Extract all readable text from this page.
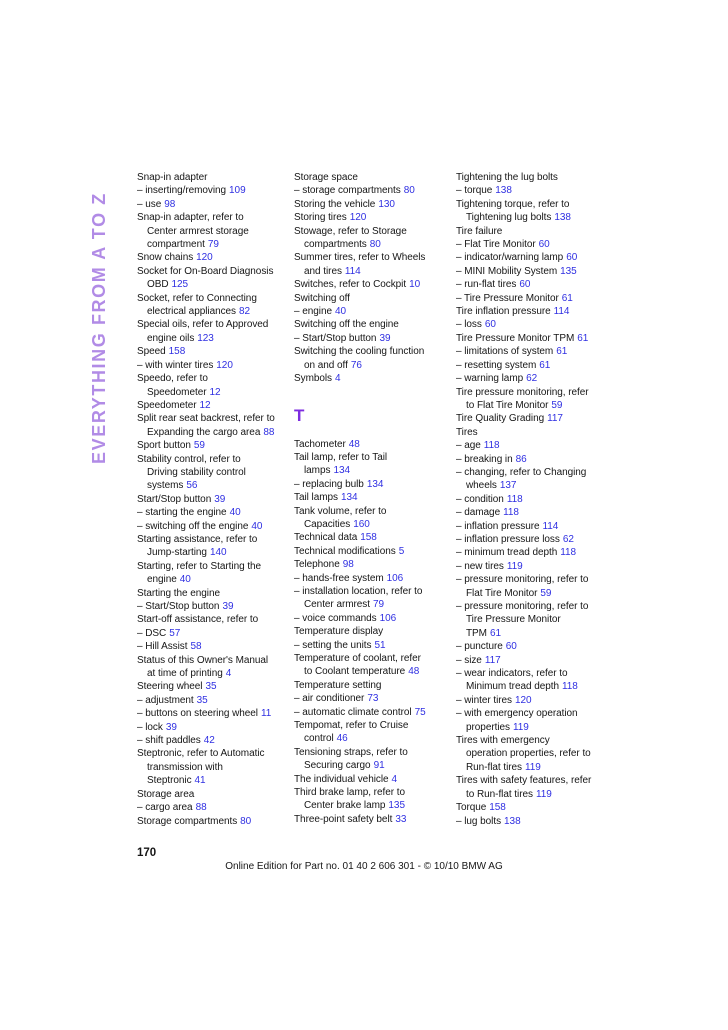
EVERYTHING FROM A TO Z
Snap-in adapter
– inserting/removing 109
– use 98
Snap-in adapter, refer to
Center armrest storage
compartment 79
Snow chains 120
Socket for On-Board Diagnosis
OBD 125
Socket, refer to Connecting
electrical appliances 82
Special oils, refer to Approved
engine oils 123
Speed 158
– with winter tires 120
Speedo, refer to
Speedometer 12
Speedometer 12
Split rear seat backrest, refer to
Expanding the cargo area 88
Sport button 59
Stability control, refer to
Driving stability control
systems 56
Start/Stop button 39
– starting the engine 40
– switching off the engine 40
Starting assistance, refer to
Jump-starting 140
Starting, refer to Starting the
engine 40
Starting the engine
– Start/Stop button 39
Start-off assistance, refer to
– DSC 57
– Hill Assist 58
Status of this Owner's Manual
at time of printing 4
Steering wheel 35
– adjustment 35
– buttons on steering wheel 11
– lock 39
– shift paddles 42
Steptronic, refer to Automatic
transmission with
Steptronic 41
Storage area
– cargo area 88
Storage compartments 80
Storage space
– storage compartments 80
Storing the vehicle 130
Storing tires 120
Stowage, refer to Storage
compartments 80
Summer tires, refer to Wheels
and tires 114
Switches, refer to Cockpit 10
Switching off
– engine 40
Switching off the engine
– Start/Stop button 39
Switching the cooling function
on and off 76
Symbols 4
T
Tachometer 48
Tail lamp, refer to Tail
lamps 134
– replacing bulb 134
Tail lamps 134
Tank volume, refer to
Capacities 160
Technical data 158
Technical modifications 5
Telephone 98
– hands-free system 106
– installation location, refer to
Center armrest 79
– voice commands 106
Temperature display
– setting the units 51
Temperature of coolant, refer
to Coolant temperature 48
Temperature setting
– air conditioner 73
– automatic climate control 75
Tempomat, refer to Cruise
control 46
Tensioning straps, refer to
Securing cargo 91
The individual vehicle 4
Third brake lamp, refer to
Center brake lamp 135
Three-point safety belt 33
Tightening the lug bolts
– torque 138
Tightening torque, refer to
Tightening lug bolts 138
Tire failure
– Flat Tire Monitor 60
– indicator/warning lamp 60
– MINI Mobility System 135
– run-flat tires 60
– Tire Pressure Monitor 61
Tire inflation pressure 114
– loss 60
Tire Pressure Monitor TPM 61
– limitations of system 61
– resetting system 61
– warning lamp 62
Tire pressure monitoring, refer
to Flat Tire Monitor 59
Tire Quality Grading 117
Tires
– age 118
– breaking in 86
– changing, refer to Changing
wheels 137
– condition 118
– damage 118
– inflation pressure 114
– inflation pressure loss 62
– minimum tread depth 118
– new tires 119
– pressure monitoring, refer to
Flat Tire Monitor 59
– pressure monitoring, refer to
Tire Pressure Monitor
TPM 61
– puncture 60
– size 117
– wear indicators, refer to
Minimum tread depth 118
– winter tires 120
– with emergency operation
properties 119
Tires with emergency
operation properties, refer to
Run-flat tires 119
Tires with safety features, refer
to Run-flat tires 119
Torque 158
– lug bolts 138
170
Online Edition for Part no. 01 40 2 606 301 - © 10/10 BMW AG
